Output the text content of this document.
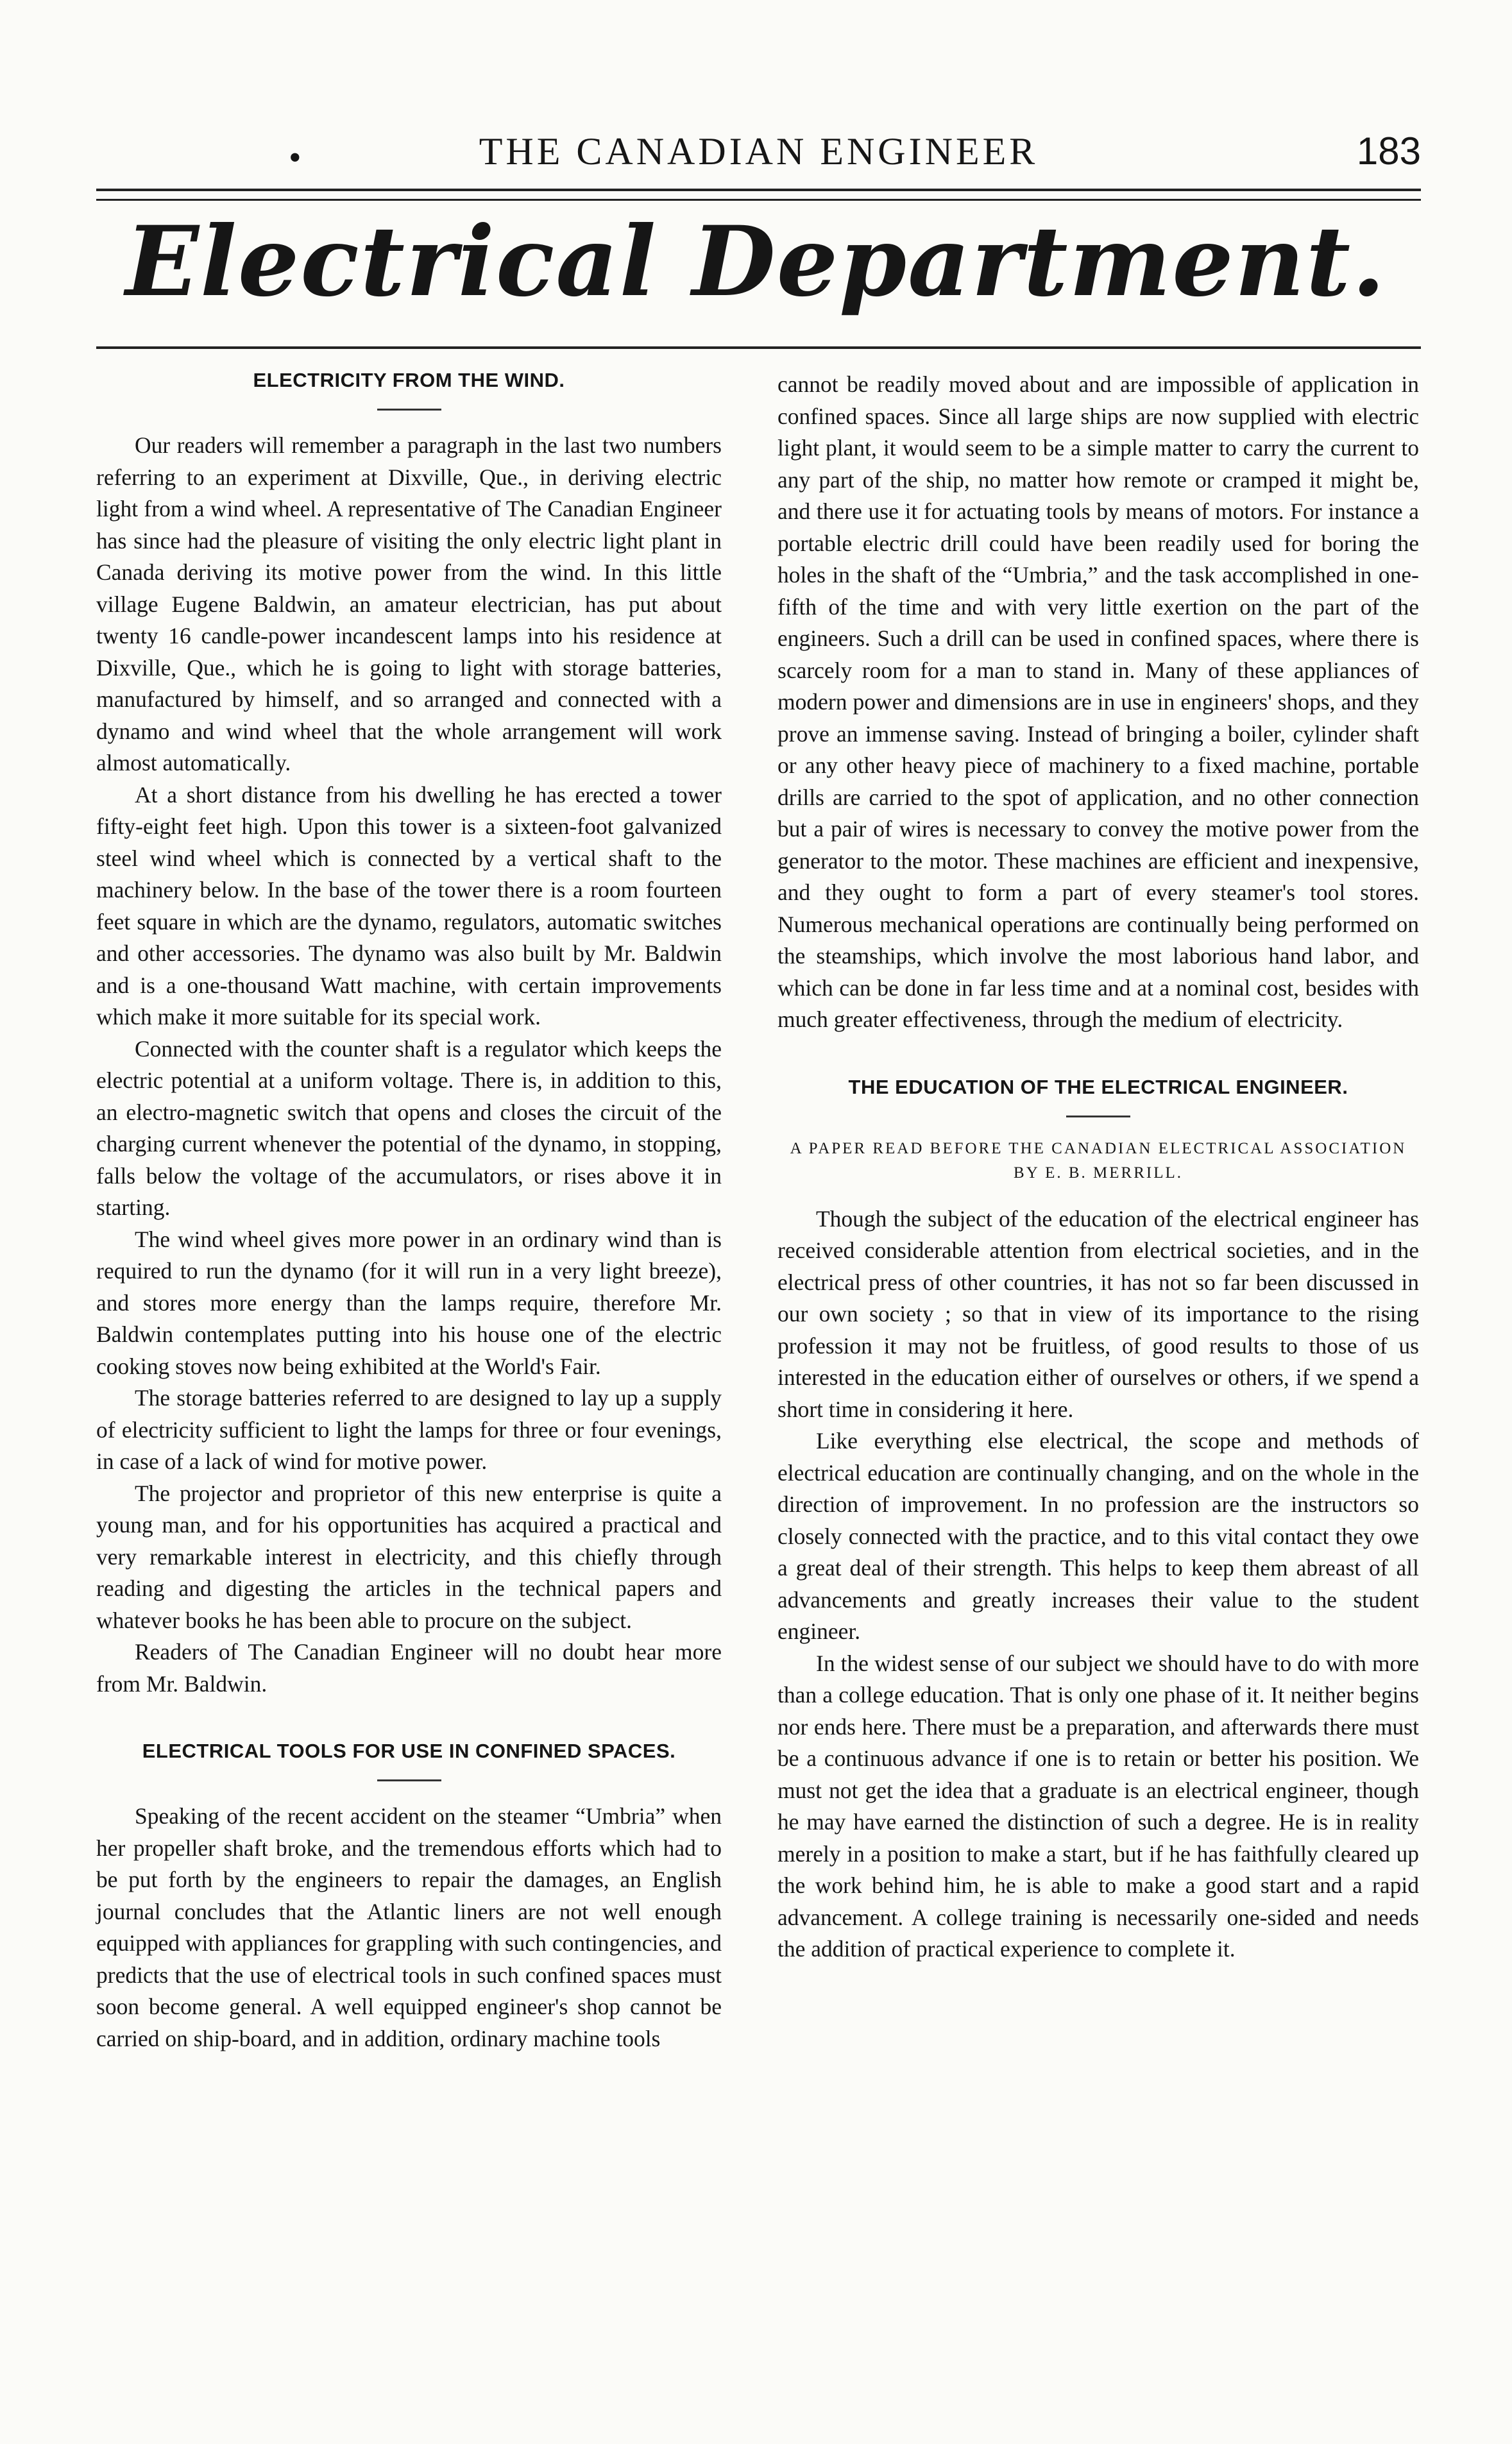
•	THE CANADIAN ENGINEER	183
Electrical Department.
ELECTRICITY FROM THE WIND.

Our readers will remember a paragraph in the last two numbers referring to an experiment at Dixville, Que., in deriving electric light from a wind wheel. A representative of The Canadian Engineer has since had the pleasure of visiting the only electric light plant in Canada deriving its motive power from the wind. In this little village Eugene Baldwin, an amateur electrician, has put about twenty 16 candle-power incandescent lamps into his residence at Dixville, Que., which he is going to light with storage batteries, manufactured by himself, and so arranged and connected with a dynamo and wind wheel that the whole arrangement will work almost automatically.

At a short distance from his dwelling he has erected a tower fifty-eight feet high. Upon this tower is a sixteen-foot galvanized steel wind wheel which is connected by a vertical shaft to the machinery below. In the base of the tower there is a room fourteen feet square in which are the dynamo, regulators, automatic switches and other accessories. The dynamo was also built by Mr. Baldwin and is a one-thousand Watt machine, with certain improvements which make it more suitable for its special work.

Connected with the counter shaft is a regulator which keeps the electric potential at a uniform voltage. There is, in addition to this, an electro-magnetic switch that opens and closes the circuit of the charging current whenever the potential of the dynamo, in stopping, falls below the voltage of the accumulators, or rises above it in starting.

The wind wheel gives more power in an ordinary wind than is required to run the dynamo (for it will run in a very light breeze), and stores more energy than the lamps require, therefore Mr. Baldwin contemplates putting into his house one of the electric cooking stoves now being exhibited at the World's Fair.

The storage batteries referred to are designed to lay up a supply of electricity sufficient to light the lamps for three or four evenings, in case of a lack of wind for motive power.

The projector and proprietor of this new enterprise is quite a young man, and for his opportunities has acquired a practical and very remarkable interest in electricity, and this chiefly through reading and digesting the articles in the technical papers and whatever books he has been able to procure on the subject.

Readers of The Canadian Engineer will no doubt hear more from Mr. Baldwin.

ELECTRICAL TOOLS FOR USE IN CONFINED SPACES.

Speaking of the recent accident on the steamer “Umbria” when her propeller shaft broke, and the tremendous efforts which had to be put forth by the engineers to repair the damages, an English journal concludes that the Atlantic liners are not well enough equipped with appliances for grappling with such contingencies, and predicts that the use of electrical tools in such confined spaces must soon become general. A well equipped engineer's shop cannot be carried on ship-board, and in addition, ordinary machine tools

cannot be readily moved about and are impossible of application in confined spaces. Since all large ships are now supplied with electric light plant, it would seem to be a simple matter to carry the current to any part of the ship, no matter how remote or cramped it might be, and there use it for actuating tools by means of motors. For instance a portable electric drill could have been readily used for boring the holes in the shaft of the “Umbria,” and the task accomplished in one-fifth of the time and with very little exertion on the part of the engineers. Such a drill can be used in confined spaces, where there is scarcely room for a man to stand in. Many of these appliances of modern power and dimensions are in use in engineers' shops, and they prove an immense saving. Instead of bringing a boiler, cylinder shaft or any other heavy piece of machinery to a fixed machine, portable drills are carried to the spot of application, and no other connection but a pair of wires is necessary to convey the motive power from the generator to the motor. These machines are efficient and inexpensive, and they ought to form a part of every steamer's tool stores. Numerous mechanical operations are continually being performed on the steamships, which involve the most laborious hand labor, and which can be done in far less time and at a nominal cost, besides with much greater effectiveness, through the medium of electricity.

THE EDUCATION OF THE ELECTRICAL ENGINEER.

A PAPER READ BEFORE THE CANADIAN ELECTRICAL ASSOCIATION BY E. B. MERRILL.

Though the subject of the education of the electrical engineer has received considerable attention from electrical societies, and in the electrical press of other countries, it has not so far been discussed in our own society ; so that in view of its importance to the rising profession it may not be fruitless, of good results to those of us interested in the education either of ourselves or others, if we spend a short time in considering it here.

Like everything else electrical, the scope and methods of electrical education are continually changing, and on the whole in the direction of improvement. In no profession are the instructors so closely connected with the practice, and to this vital contact they owe a great deal of their strength. This helps to keep them abreast of all advancements and greatly increases their value to the student engineer.

In the widest sense of our subject we should have to do with more than a college education. That is only one phase of it. It neither begins nor ends here. There must be a preparation, and afterwards there must be a continuous advance if one is to retain or better his position. We must not get the idea that a graduate is an electrical engineer, though he may have earned the distinction of such a degree. He is in reality merely in a position to make a start, but if he has faithfully cleared up the work behind him, he is able to make a good start and a rapid advancement. A college training is necessarily one-sided and needs the addition of practical experience to complete it.
